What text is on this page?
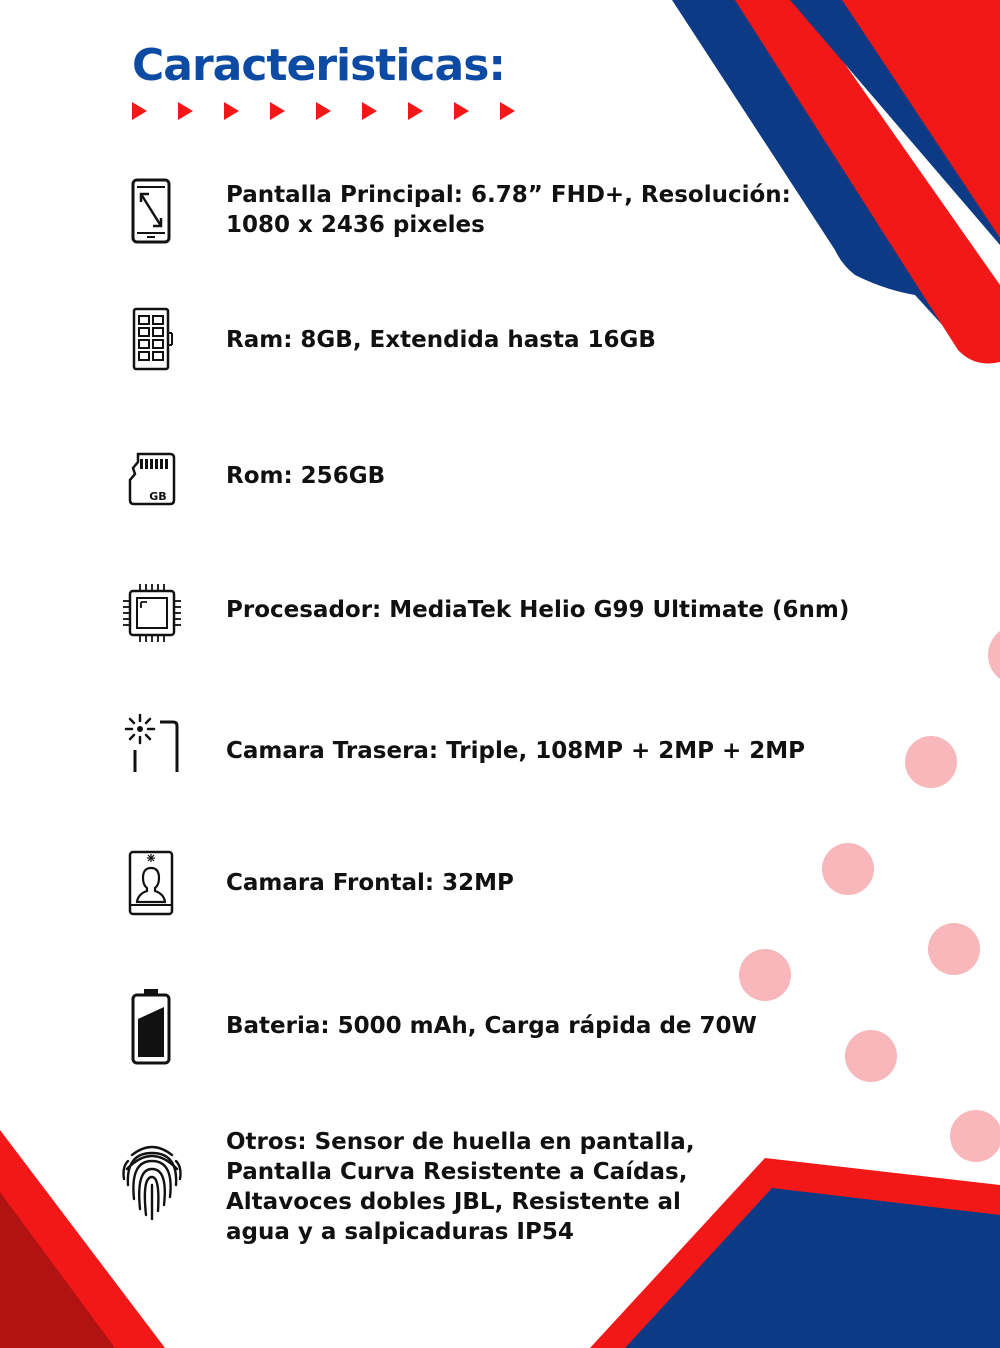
Caracteristicas:

Pantalla Principal: 6.78” FHD+, Resolución:
1080 x 2436 pixeles

Ram: 8GB, Extendida hasta 16GB

GB

Rom: 256GB

Procesador: MediaTek Helio G99 Ultimate (6nm)

Camara Trasera: Triple, 108MP + 2MP + 2MP

Camara Frontal: 32MP

Bateria: 5000 mAh, Carga rápida de 70W

Otros: Sensor de huella en pantalla,
Pantalla Curva Resistente a Caídas,
Altavoces dobles JBL, Resistente al
agua y a salpicaduras IP54
